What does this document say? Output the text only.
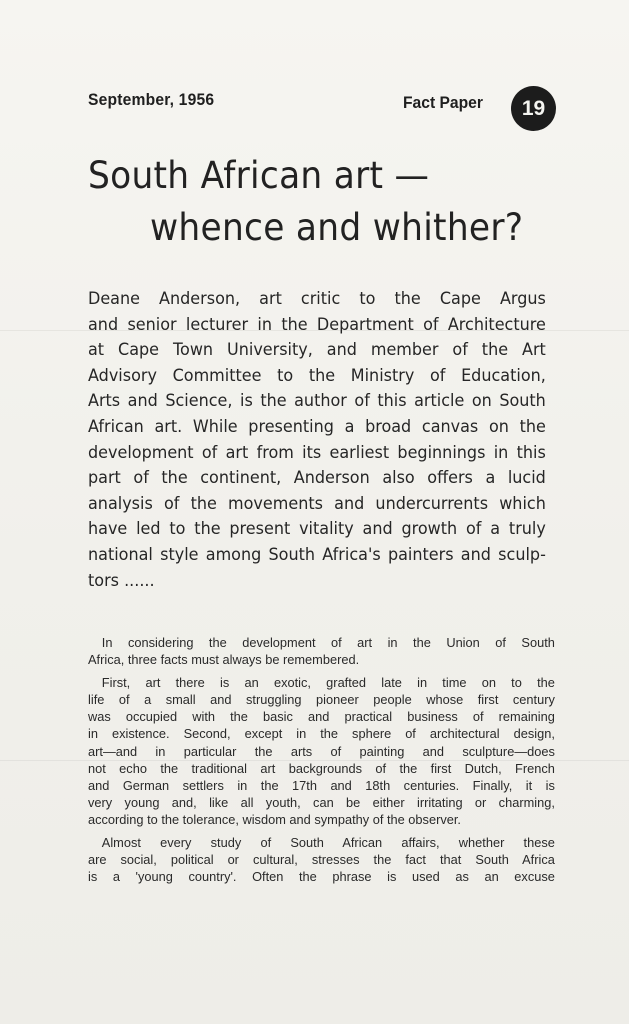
September, 1956	Fact Paper	19
South African art —
whence and whither?
Deane Anderson, art critic to the Cape Argus
and senior lecturer in the Department of Architecture
at Cape Town University, and member of the Art
Advisory Committee to the Ministry of Education,
Arts and Science, is the author of this article on South
African art. While presenting a broad canvas on the
development of art from its earliest beginnings in this
part of the continent, Anderson also offers a lucid
analysis of the movements and undercurrents which
have led to the present vitality and growth of a truly
national style among South Africa's painters and sculp-
tors ......
In considering the development of art in the Union of South
Africa, three facts must always be remembered.
First, art there is an exotic, grafted late in time on to the
life of a small and struggling pioneer people whose first century
was occupied with the basic and practical business of remaining
in existence. Second, except in the sphere of architectural design,
art—and in particular the arts of painting and sculpture—does
not echo the traditional art backgrounds of the first Dutch, French
and German settlers in the 17th and 18th centuries. Finally, it is
very young and, like all youth, can be either irritating or charming,
according to the tolerance, wisdom and sympathy of the observer.
Almost every study of South African affairs, whether these
are social, political or cultural, stresses the fact that South Africa
is a 'young country'. Often the phrase is used as an excuse
